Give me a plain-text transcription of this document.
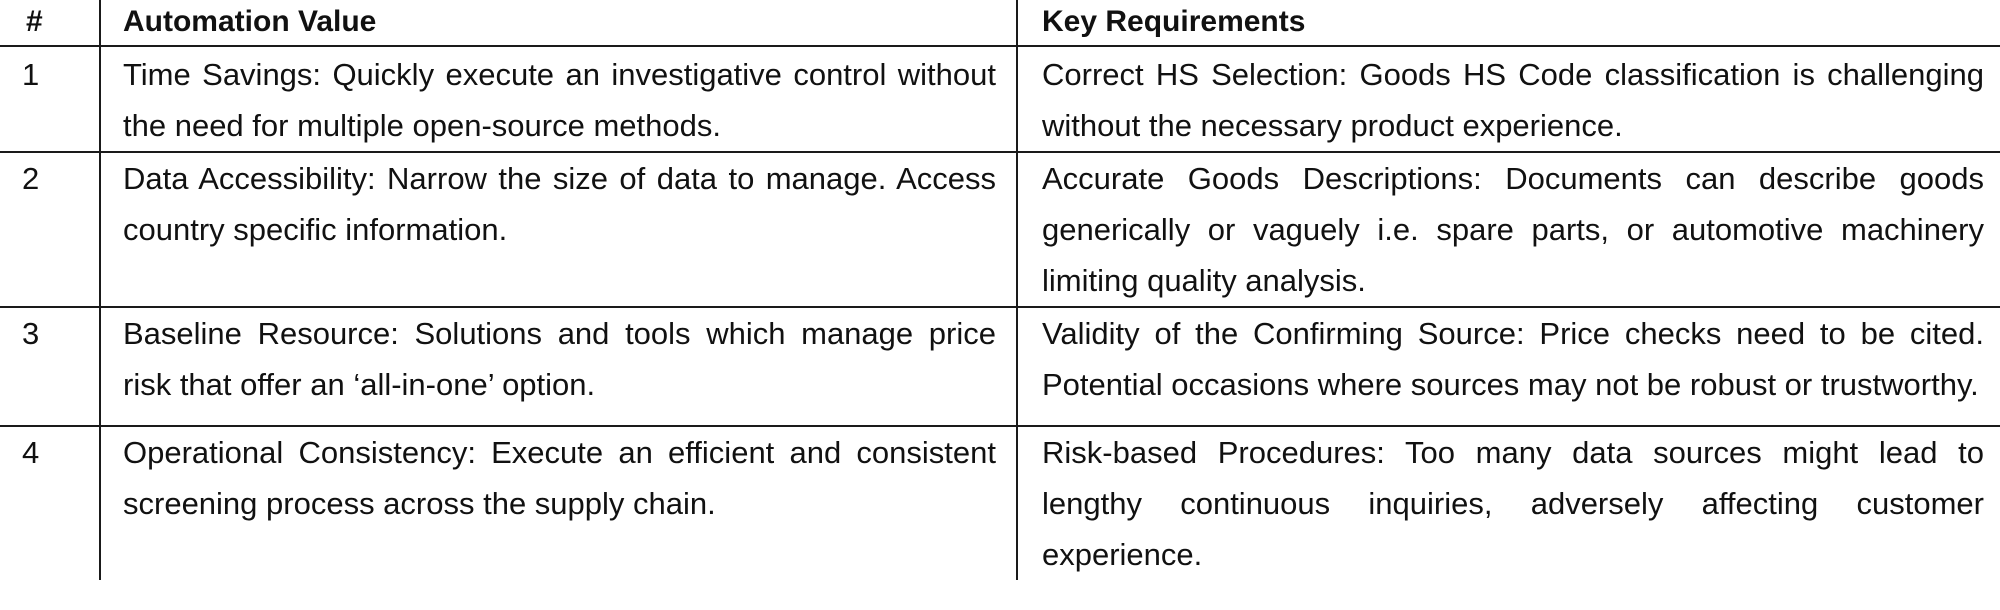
#	Automation Value	Key Requirements
1	Time Savings: Quickly execute an investigative control without the need for multiple open-source methods.	Correct HS Selection: Goods HS Code classification is challenging without the necessary product experience.
2	Data Accessibility: Narrow the size of data to manage. Access country specific information.	Accurate Goods Descriptions: Documents can describe goods generically or vaguely i.e. spare parts, or automotive machinery limiting quality analysis.
3	Baseline Resource: Solutions and tools which manage price risk that offer an ‘all-in-one’ option.	Validity of the Confirming Source: Price checks need to be cited. Potential occasions where sources may not be robust or trustworthy.
4	Operational Consistency: Execute an efficient and consistent screening process across the supply chain.	Risk-based Procedures: Too many data sources might lead to lengthy continuous inquiries, adversely affecting customer experience.
